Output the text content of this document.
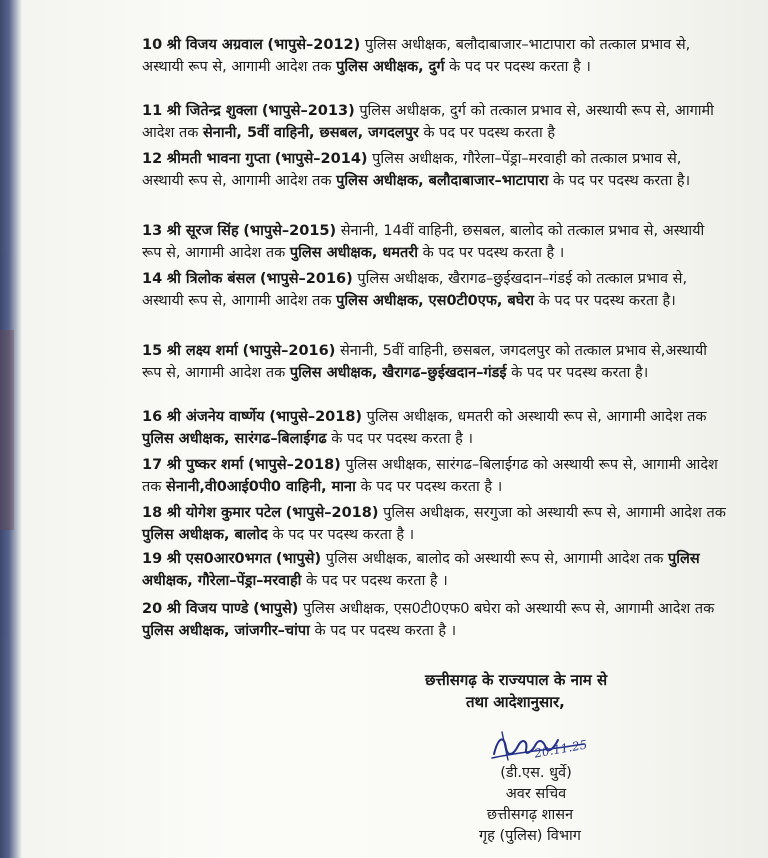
10 श्री विजय अग्रवाल (भापुसे–2012) पुलिस अधीक्षक, बलौदाबाजार–भाटापारा को तत्काल प्रभाव से, अस्थायी रूप से, आगामी आदेश तक पुलिस अधीक्षक, दुर्ग के पद पर पदस्थ करता है ।
11 श्री जितेन्द्र शुक्ला (भापुसे–2013) पुलिस अधीक्षक, दुर्ग को तत्काल प्रभाव से, अस्थायी रूप से, आगामी आदेश तक सेनानी, 5वीं वाहिनी, छसबल, जगदलपुर के पद पर पदस्थ करता है
12 श्रीमती भावना गुप्ता (भापुसे–2014) पुलिस अधीक्षक, गौरेला–पेंड्रा–मरवाही को तत्काल प्रभाव से, अस्थायी रूप से, आगामी आदेश तक पुलिस अधीक्षक, बलौदाबाजार–भाटापारा के पद पर पदस्थ करता है।
13 श्री सूरज सिंह (भापुसे–2015) सेनानी, 14वीं वाहिनी, छसबल, बालोद को तत्काल प्रभाव से, अस्थायी रूप से, आगामी आदेश तक पुलिस अधीक्षक, धमतरी के पद पर पदस्थ करता है ।
14 श्री त्रिलोक बंसल (भापुसे–2016) पुलिस अधीक्षक, खैरागढ–छुईखदान–गंडई को तत्काल प्रभाव से, अस्थायी रूप से, आगामी आदेश तक पुलिस अधीक्षक, एस0टी0एफ, बघेरा के पद पर पदस्थ करता है।
15 श्री लक्ष्य शर्मा (भापुसे–2016) सेनानी, 5वीं वाहिनी, छसबल, जगदलपुर को तत्काल प्रभाव से,अस्थायी रूप से, आगामी आदेश तक पुलिस अधीक्षक, खैरागढ–छुईखदान–गंडई के पद पर पदस्थ करता है।
16 श्री अंजनेय वार्ष्णेय (भापुसे–2018) पुलिस अधीक्षक, धमतरी को अस्थायी रूप से, आगामी आदेश तक पुलिस अधीक्षक, सारंगढ–बिलाईगढ के पद पर पदस्थ करता है ।
17 श्री पुष्कर शर्मा (भापुसे–2018) पुलिस अधीक्षक, सारंगढ–बिलाईगढ को अस्थायी रूप से, आगामी आदेश तक सेनानी,वी0आई0पी0 वाहिनी, माना के पद पर पदस्थ करता है ।
18 श्री योगेश कुमार पटेल (भापुसे–2018) पुलिस अधीक्षक, सरगुजा को अस्थायी रूप से, आगामी आदेश तक पुलिस अधीक्षक, बालोद के पद पर पदस्थ करता है ।
19 श्री एस0आर0भगत (भापुसे) पुलिस अधीक्षक, बालोद को अस्थायी रूप से, आगामी आदेश तक पुलिस अधीक्षक, गौरेला–पेंड्रा–मरवाही के पद पर पदस्थ करता है ।
20 श्री विजय पाण्डे (भापुसे) पुलिस अधीक्षक, एस0टी0एफ0 बघेरा को अस्थायी रूप से, आगामी आदेश तक पुलिस अधीक्षक, जांजगीर–चांपा के पद पर पदस्थ करता है ।
छत्तीसगढ़ के राज्यपाल के नाम से
तथा आदेशानुसार,
20.11.25
(डी.एस. धुर्वे)
अवर सचिव
छत्तीसगढ़ शासन
गृह (पुलिस) विभाग
